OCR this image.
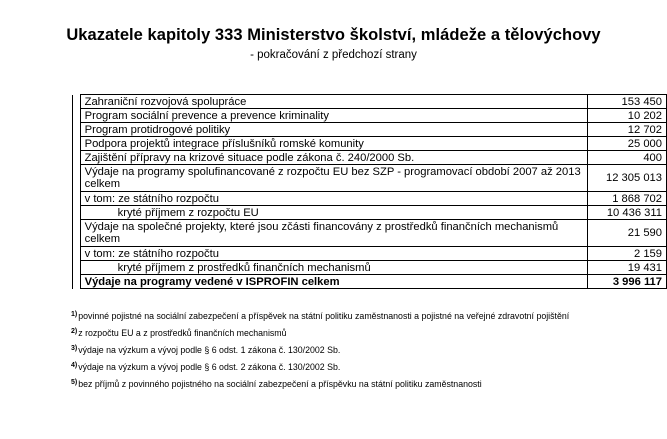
Ukazatele kapitoly 333 Ministerstvo školství, mládeže a tělovýchovy
- pokračování z předchozí strany
	Zahraniční rozvojová spolupráce	153 450
	Program sociální prevence a prevence kriminality	10 202
	Program protidrogové politiky	12 702
	Podpora projektů integrace příslušníků romské komunity	25 000
	Zajištění přípravy na krizové situace podle zákona č. 240/2000 Sb.	400
	Výdaje na programy spolufinancované z rozpočtu EU bez SZP - programovací období 2007 až 2013 celkem	12 305 013
	v tom: ze státního rozpočtu	1 868 702
	kryté příjmem z rozpočtu EU	10 436 311
	Výdaje na společné projekty, které jsou zčásti financovány z prostředků finančních mechanismů celkem	21 590
	v tom: ze státního rozpočtu	2 159
	kryté příjmem z prostředků finančních mechanismů	19 431
	Výdaje na programy vedené v ISPROFIN celkem	3 996 117
$^{1)}$povinné pojistné na sociální zabezpečení a příspěvek na státní politiku zaměstnanosti a pojistné na veřejné zdravotní pojištění
$^{2)}$z rozpočtu EU a z prostředků finančních mechanismů
$^{3)}$výdaje na výzkum a vývoj podle § 6 odst. 1 zákona č. 130/2002 Sb.
$^{4)}$výdaje na výzkum a vývoj podle § 6 odst. 2 zákona č. 130/2002 Sb.
$^{5)}$bez příjmů z povinného pojistného na sociální zabezpečení a příspěvku na státní politiku zaměstnanosti
